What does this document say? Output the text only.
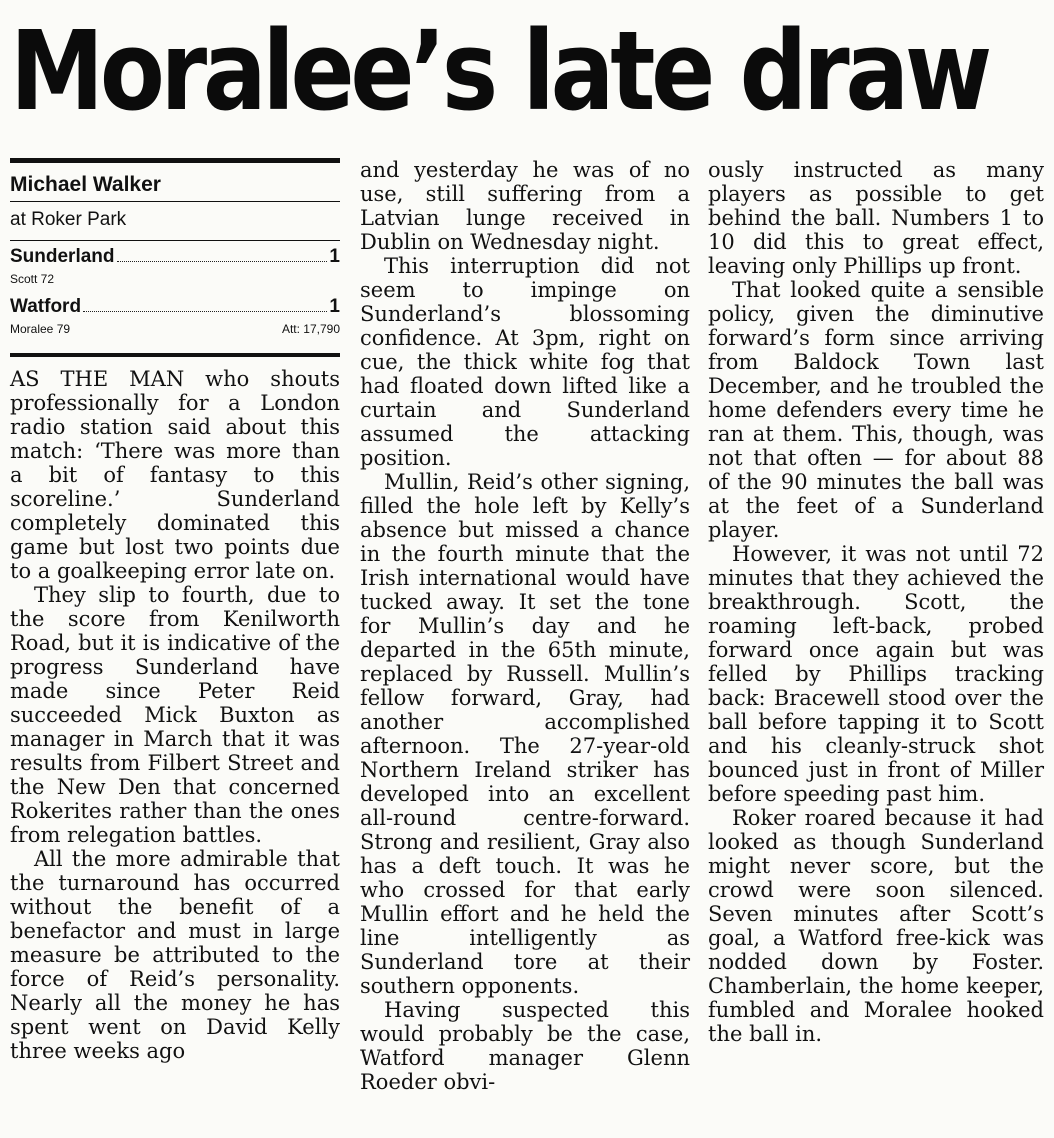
Moralee’s late draw
Michael Walker
at Roker Park
Sunderland	1
Scott 72
Watford	1
Moralee 79	Att: 17,790

AS THE MAN who shouts professionally for a London radio station said about this match: ‘There was more than a bit of fantasy to this scoreline.’ Sunderland completely dominated this game but lost two points due to a goalkeeping error late on.

They slip to fourth, due to the score from Kenilworth Road, but it is indicative of the progress Sunderland have made since Peter Reid succeeded Mick Buxton as manager in March that it was results from Filbert Street and the New Den that concerned Rokerites rather than the ones from relegation battles.

All the more admirable that the turnaround has occurred without the benefit of a benefactor and must in large measure be attributed to the force of Reid’s personality. Nearly all the money he has spent went on David Kelly three weeks ago

and yesterday he was of no use, still suffering from a Latvian lunge received in Dublin on Wednesday night.

This interruption did not seem to impinge on Sunderland’s blossoming confidence. At 3pm, right on cue, the thick white fog that had floated down lifted like a curtain and Sunderland assumed the attacking position.

Mullin, Reid’s other signing, filled the hole left by Kelly’s absence but missed a chance in the fourth minute that the Irish international would have tucked away. It set the tone for Mullin’s day and he departed in the 65th minute, replaced by Russell. Mullin’s fellow forward, Gray, had another accomplished afternoon. The 27-year-old Northern Ireland striker has developed into an excellent all-round centre-forward. Strong and resilient, Gray also has a deft touch. It was he who crossed for that early Mullin effort and he held the line intelligently as Sunderland tore at their southern opponents.

Having suspected this would probably be the case, Watford manager Glenn Roeder obvi-

ously instructed as many players as possible to get behind the ball. Numbers 1 to 10 did this to great effect, leaving only Phillips up front.

That looked quite a sensible policy, given the diminutive forward’s form since arriving from Baldock Town last December, and he troubled the home defenders every time he ran at them. This, though, was not that often — for about 88 of the 90 minutes the ball was at the feet of a Sunderland player.

However, it was not until 72 minutes that they achieved the breakthrough. Scott, the roaming left-back, probed forward once again but was felled by Phillips tracking back: Bracewell stood over the ball before tapping it to Scott and his cleanly-struck shot bounced just in front of Miller before speeding past him.

Roker roared because it had looked as though Sunderland might never score, but the crowd were soon silenced. Seven minutes after Scott’s goal, a Watford free-kick was nodded down by Foster. Chamberlain, the home keeper, fumbled and Moralee hooked the ball in.
